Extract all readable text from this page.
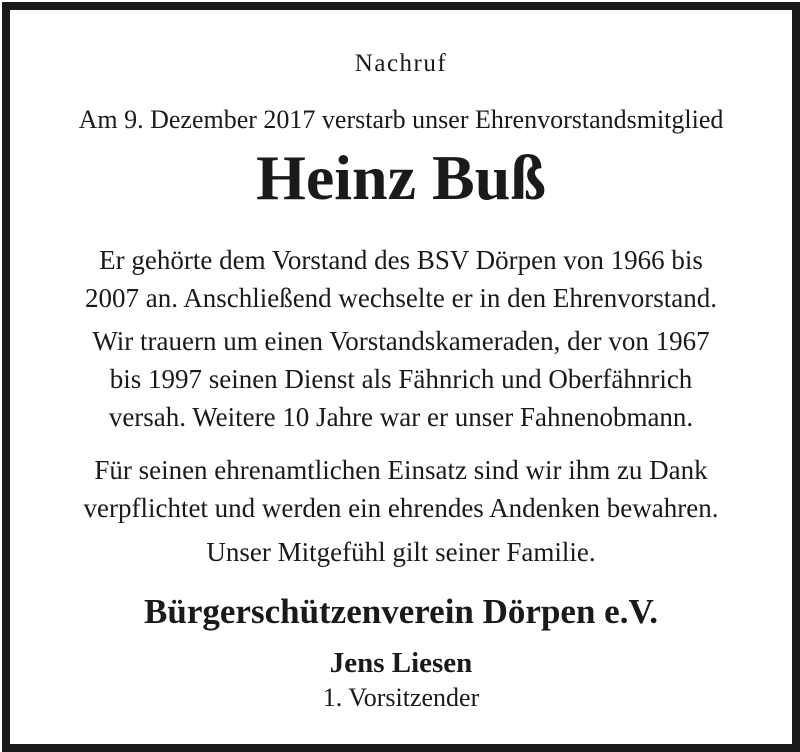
Nachruf

Am 9. Dezember 2017 verstarb unser Ehrenvorstandsmitglied

Heinz Buß

Er gehörte dem Vorstand des BSV Dörpen von 1966 bis
2007 an. Anschließend wechselte er in den Ehrenvorstand.
Wir trauern um einen Vorstandskameraden, der von 1967
bis 1997 seinen Dienst als Fähnrich und Oberfähnrich
versah. Weitere 10 Jahre war er unser Fahnenobmann.
Für seinen ehrenamtlichen Einsatz sind wir ihm zu Dank
verpflichtet und werden ein ehrendes Andenken bewahren.

Unser Mitgefühl gilt seiner Familie.

Bürgerschützenverein Dörpen e.V.

Jens Liesen

1. Vorsitzender
